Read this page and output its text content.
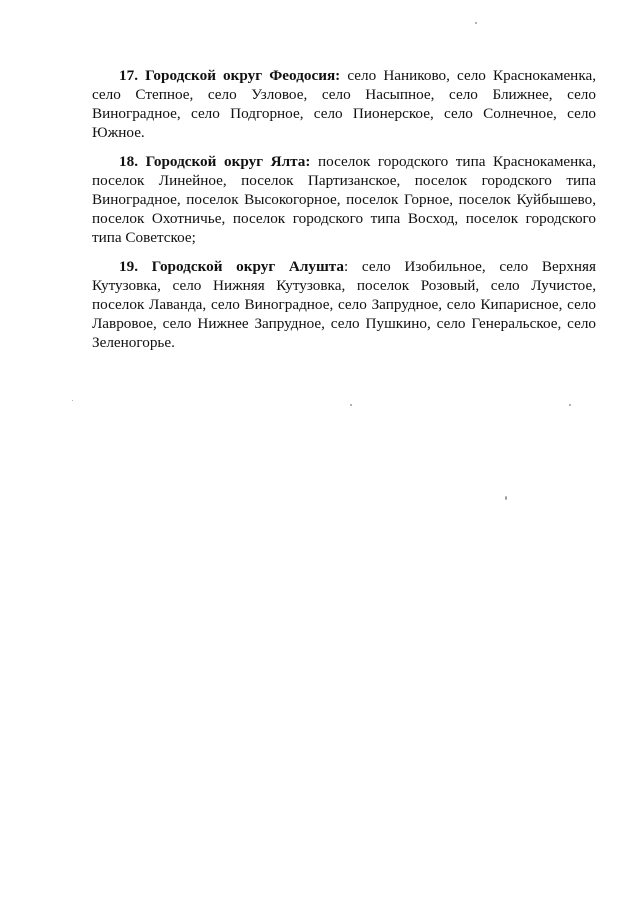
17. Городской округ Феодосия: село Наниково, село Краснокаменка, село Степное, село Узловое, село Насыпное, село Ближнее, село Виноградное, село Подгорное, село Пионерское, село Солнечное, село Южное.

18. Городской округ Ялта: поселок городского типа Краснокаменка, поселок Линейное, поселок Партизанское, поселок городского типа Виноградное, поселок Высокогорное, поселок Горное, поселок Куйбышево, поселок Охотничье, поселок городского типа Восход, поселок городского типа Советское;

19. Городской округ Алушта: село Изобильное, село Верхняя Кутузовка, село Нижняя Кутузовка, поселок Розовый, село Лучистое, поселок Лаванда, село Виноградное, село Запрудное, село Кипарисное, село Лавровое, село Нижнее Запрудное, село Пушкино, село Генеральское, село Зеленогорье.
